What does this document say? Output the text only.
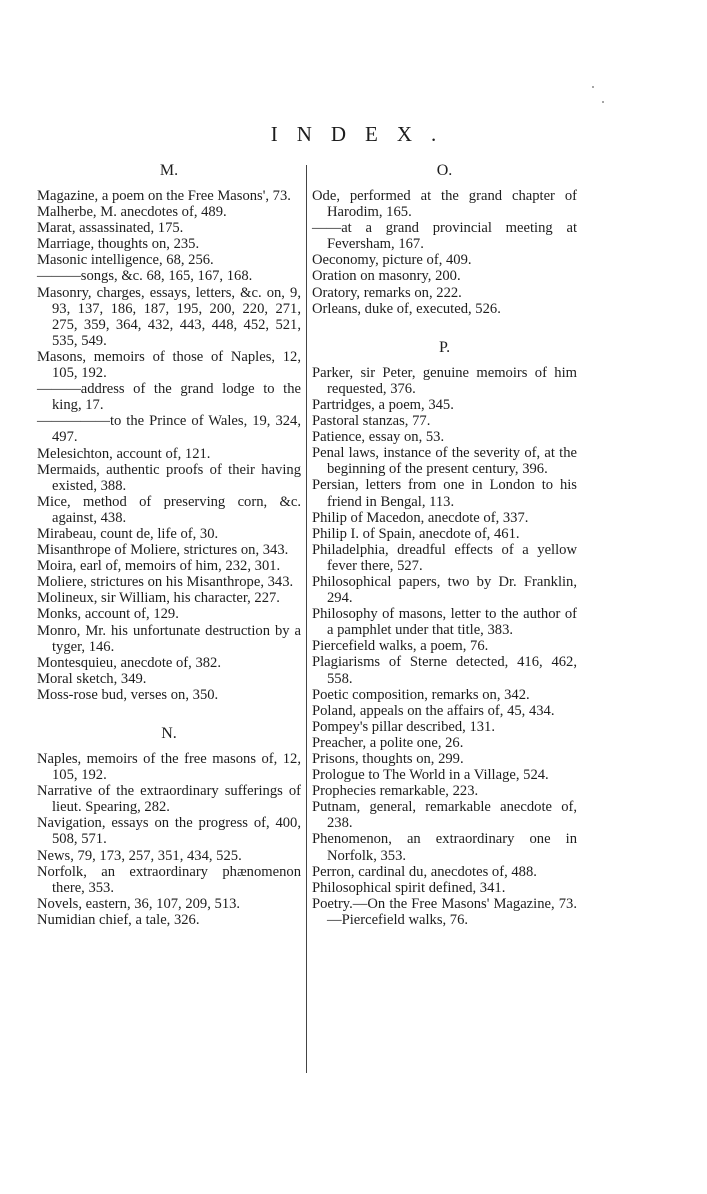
INDEX.
M.

Magazine, a poem on the Free Masons', 73.

Malherbe, M. anecdotes of, 489.

Marat, assassinated, 175.

Marriage, thoughts on, 235.

Masonic intelligence, 68, 256.

———songs, &c. 68, 165, 167, 168.

Masonry, charges, essays, letters, &c. on, 9, 93, 137, 186, 187, 195, 200, 220, 271, 275, 359, 364, 432, 443, 448, 452, 521, 535, 549.

Masons, memoirs of those of Naples, 12, 105, 192.

———address of the grand lodge to the king, 17.

—————to the Prince of Wales, 19, 324, 497.

Melesichton, account of, 121.

Mermaids, authentic proofs of their having existed, 388.

Mice, method of preserving corn, &c. against, 438.

Mirabeau, count de, life of, 30.

Misanthrope of Moliere, strictures on, 343.

Moira, earl of, memoirs of him, 232, 301.

Moliere, strictures on his Misanthrope, 343.

Molineux, sir William, his character, 227.

Monks, account of, 129.

Monro, Mr. his unfortunate destruction by a tyger, 146.

Montesquieu, anecdote of, 382.

Moral sketch, 349.

Moss-rose bud, verses on, 350.

N.

Naples, memoirs of the free masons of, 12, 105, 192.

Narrative of the extraordinary sufferings of lieut. Spearing, 282.

Navigation, essays on the progress of, 400, 508, 571.

News, 79, 173, 257, 351, 434, 525.

Norfolk, an extraordinary phænomenon there, 353.

Novels, eastern, 36, 107, 209, 513.

Numidian chief, a tale, 326.

O.

Ode, performed at the grand chapter of Harodim, 165.

——at a grand provincial meeting at Feversham, 167.

Oeconomy, picture of, 409.

Oration on masonry, 200.

Oratory, remarks on, 222.

Orleans, duke of, executed, 526.

P.

Parker, sir Peter, genuine memoirs of him requested, 376.

Partridges, a poem, 345.

Pastoral stanzas, 77.

Patience, essay on, 53.

Penal laws, instance of the severity of, at the beginning of the present century, 396.

Persian, letters from one in London to his friend in Bengal, 113.

Philip of Macedon, anecdote of, 337.

Philip I. of Spain, anecdote of, 461.

Philadelphia, dreadful effects of a yellow fever there, 527.

Philosophical papers, two by Dr. Franklin, 294.

Philosophy of masons, letter to the author of a pamphlet under that title, 383.

Piercefield walks, a poem, 76.

Plagiarisms of Sterne detected, 416, 462, 558.

Poetic composition, remarks on, 342.

Poland, appeals on the affairs of, 45, 434.

Pompey's pillar described, 131.

Preacher, a polite one, 26.

Prisons, thoughts on, 299.

Prologue to The World in a Village, 524.

Prophecies remarkable, 223.

Putnam, general, remarkable anecdote of, 238.

Phenomenon, an extraordinary one in Norfolk, 353.

Perron, cardinal du, anecdotes of, 488.

Philosophical spirit defined, 341.

Poetry.—On the Free Masons' Magazine, 73.—Piercefield walks, 76.
